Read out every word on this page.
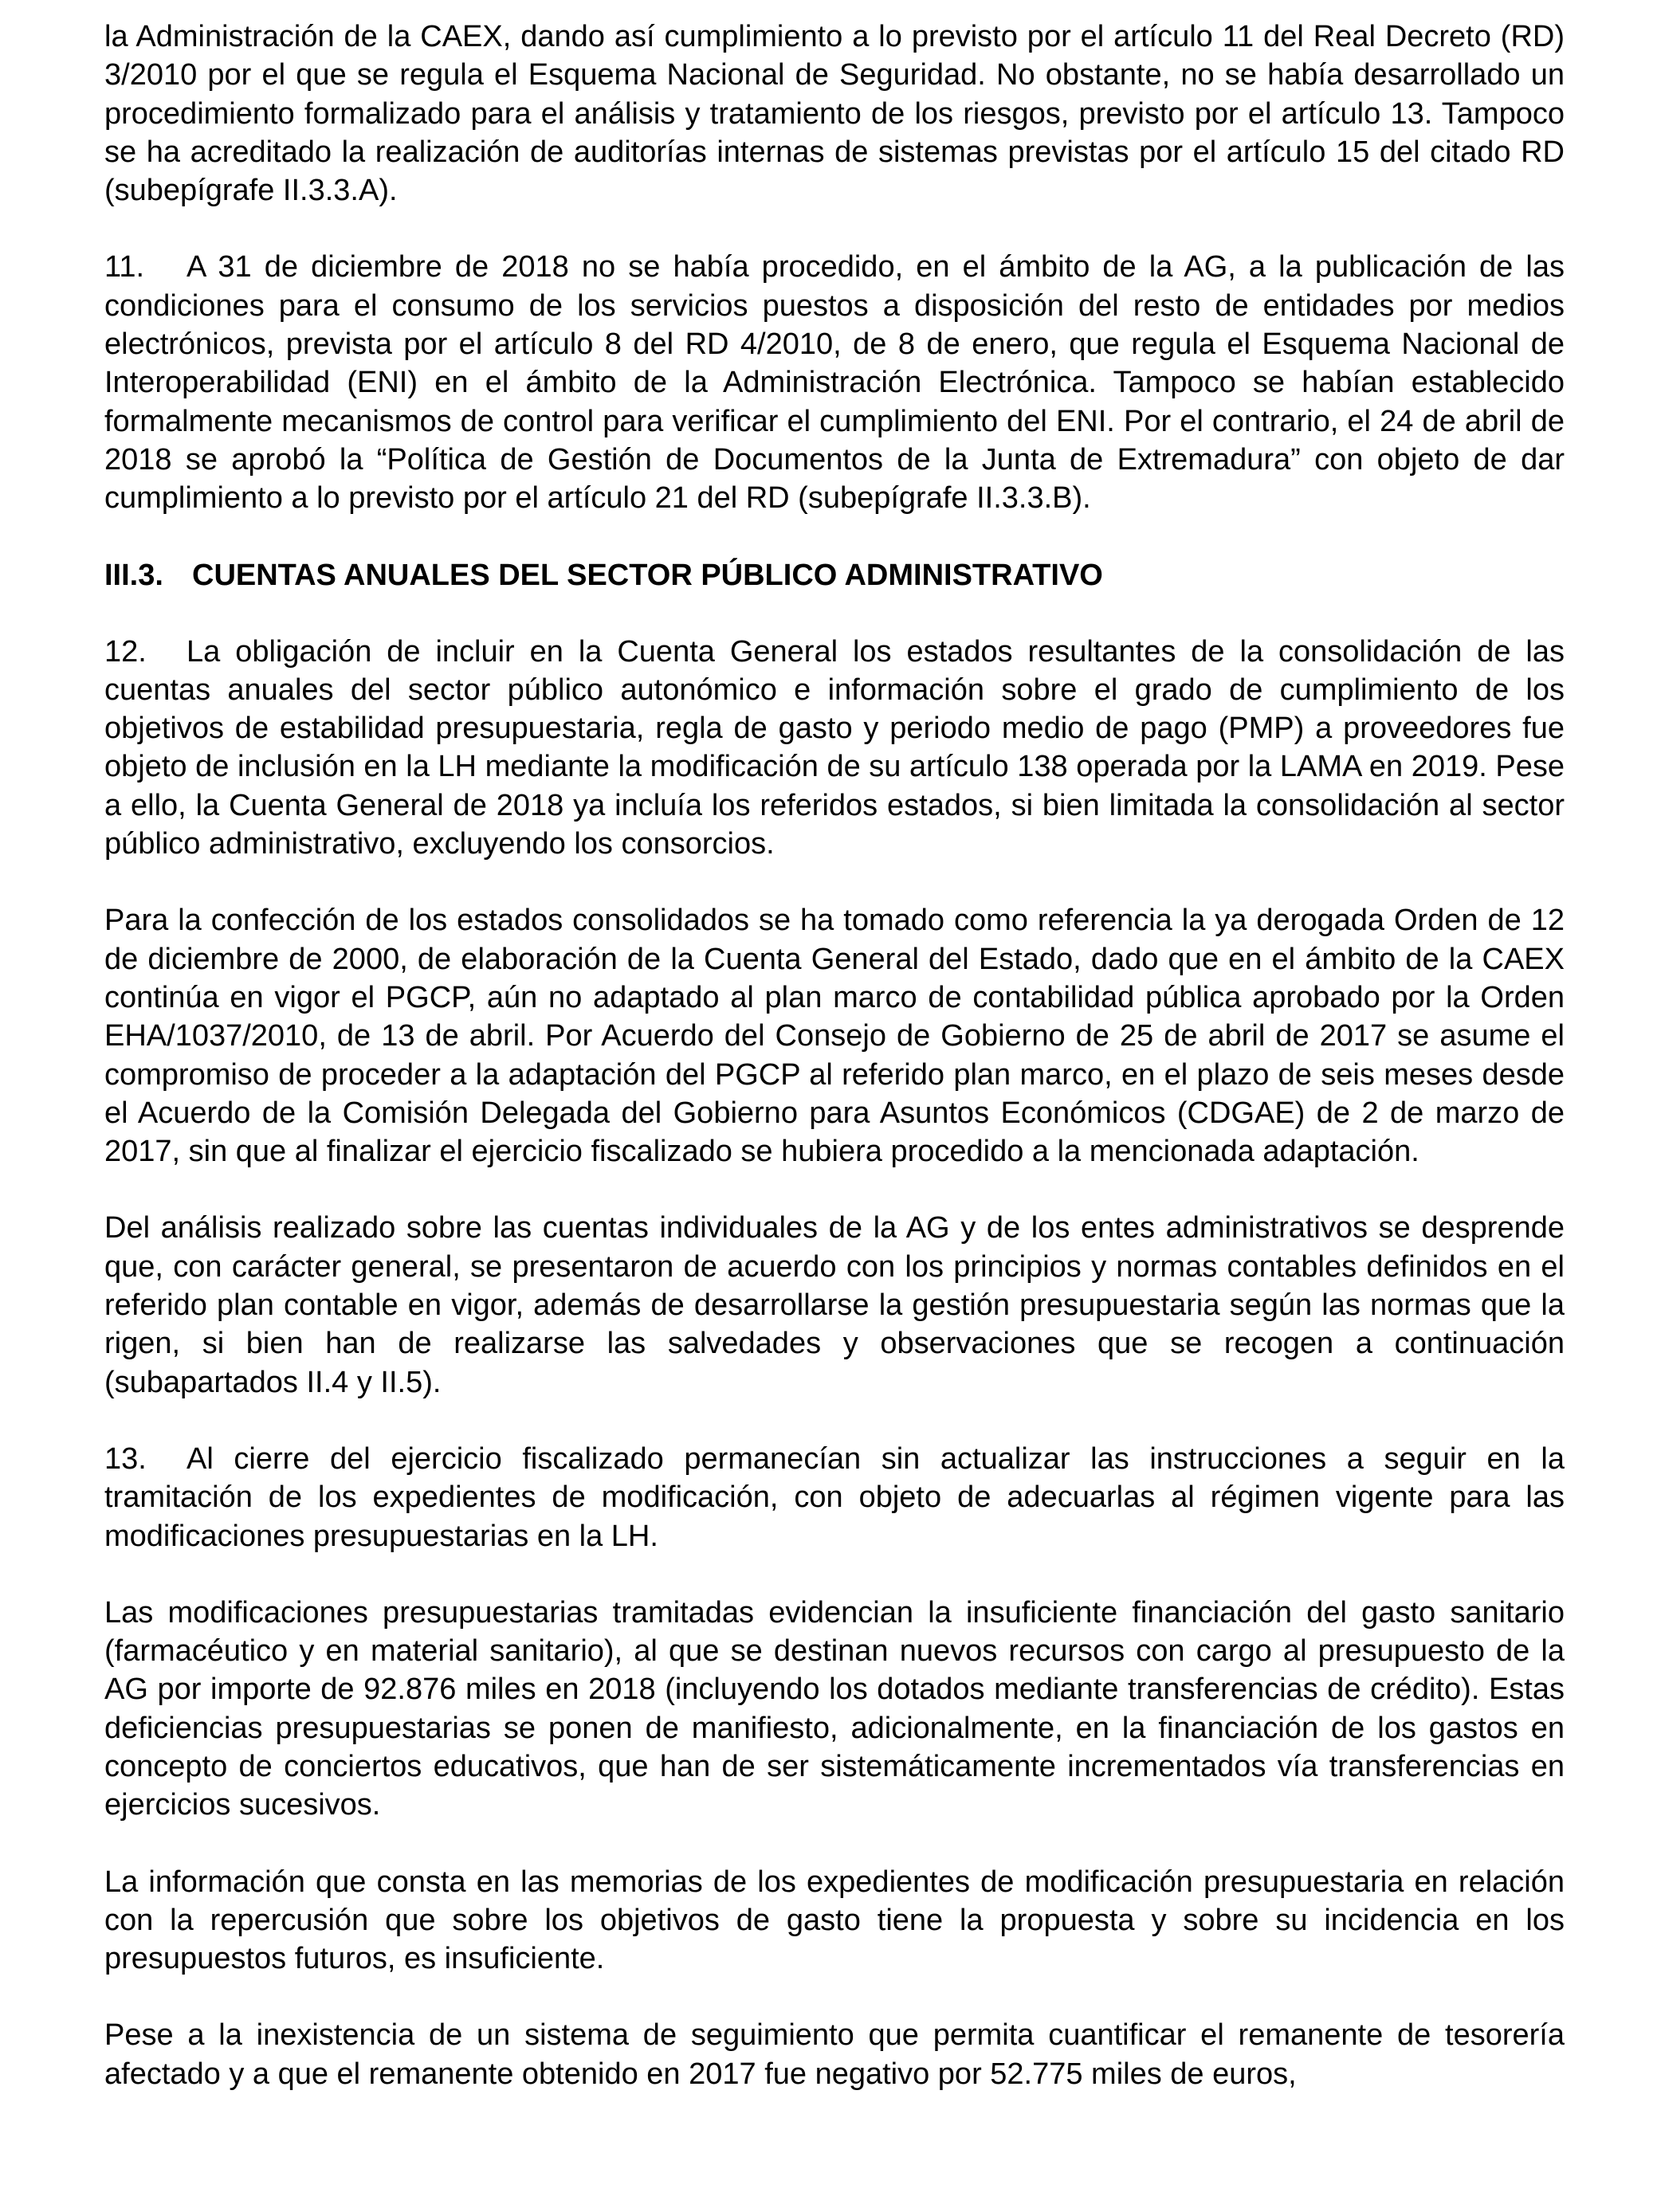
la Administración de la CAEX, dando así cumplimiento a lo previsto por el artículo 11 del Real Decreto (RD) 3/2010 por el que se regula el Esquema Nacional de Seguridad. No obstante, no se había desarrollado un procedimiento formalizado para el análisis y tratamiento de los riesgos, previsto por el artículo 13. Tampoco se ha acreditado la realización de auditorías internas de sistemas previstas por el artículo 15 del citado RD (subepígrafe II.3.3.A).

11. A 31 de diciembre de 2018 no se había procedido, en el ámbito de la AG, a la publicación de las condiciones para el consumo de los servicios puestos a disposición del resto de entidades por medios electrónicos, prevista por el artículo 8 del RD 4/2010, de 8 de enero, que regula el Esquema Nacional de Interoperabilidad (ENI) en el ámbito de la Administración Electrónica. Tampoco se habían establecido formalmente mecanismos de control para verificar el cumplimiento del ENI. Por el contrario, el 24 de abril de 2018 se aprobó la “Política de Gestión de Documentos de la Junta de Extremadura” con objeto de dar cumplimiento a lo previsto por el artículo 21 del RD (subepígrafe II.3.3.B).

III.3. CUENTAS ANUALES DEL SECTOR PÚBLICO ADMINISTRATIVO

12. La obligación de incluir en la Cuenta General los estados resultantes de la consolidación de las cuentas anuales del sector público autonómico e información sobre el grado de cumplimiento de los objetivos de estabilidad presupuestaria, regla de gasto y periodo medio de pago (PMP) a proveedores fue objeto de inclusión en la LH mediante la modificación de su artículo 138 operada por la LAMA en 2019. Pese a ello, la Cuenta General de 2018 ya incluía los referidos estados, si bien limitada la consolidación al sector público administrativo, excluyendo los consorcios.

Para la confección de los estados consolidados se ha tomado como referencia la ya derogada Orden de 12 de diciembre de 2000, de elaboración de la Cuenta General del Estado, dado que en el ámbito de la CAEX continúa en vigor el PGCP, aún no adaptado al plan marco de contabilidad pública aprobado por la Orden EHA/1037/2010, de 13 de abril. Por Acuerdo del Consejo de Gobierno de 25 de abril de 2017 se asume el compromiso de proceder a la adaptación del PGCP al referido plan marco, en el plazo de seis meses desde el Acuerdo de la Comisión Delegada del Gobierno para Asuntos Económicos (CDGAE) de 2 de marzo de 2017, sin que al finalizar el ejercicio fiscalizado se hubiera procedido a la mencionada adaptación.

Del análisis realizado sobre las cuentas individuales de la AG y de los entes administrativos se desprende que, con carácter general, se presentaron de acuerdo con los principios y normas contables definidos en el referido plan contable en vigor, además de desarrollarse la gestión presupuestaria según las normas que la rigen, si bien han de realizarse las salvedades y observaciones que se recogen a continuación (subapartados II.4 y II.5).

13. Al cierre del ejercicio fiscalizado permanecían sin actualizar las instrucciones a seguir en la tramitación de los expedientes de modificación, con objeto de adecuarlas al régimen vigente para las modificaciones presupuestarias en la LH.

Las modificaciones presupuestarias tramitadas evidencian la insuficiente financiación del gasto sanitario (farmacéutico y en material sanitario), al que se destinan nuevos recursos con cargo al presupuesto de la AG por importe de 92.876 miles en 2018 (incluyendo los dotados mediante transferencias de crédito). Estas deficiencias presupuestarias se ponen de manifiesto, adicionalmente, en la financiación de los gastos en concepto de conciertos educativos, que han de ser sistemáticamente incrementados vía transferencias en ejercicios sucesivos.

La información que consta en las memorias de los expedientes de modificación presupuestaria en relación con la repercusión que sobre los objetivos de gasto tiene la propuesta y sobre su incidencia en los presupuestos futuros, es insuficiente.

Pese a la inexistencia de un sistema de seguimiento que permita cuantificar el remanente de tesorería afectado y a que el remanente obtenido en 2017 fue negativo por 52.775 miles de euros,
